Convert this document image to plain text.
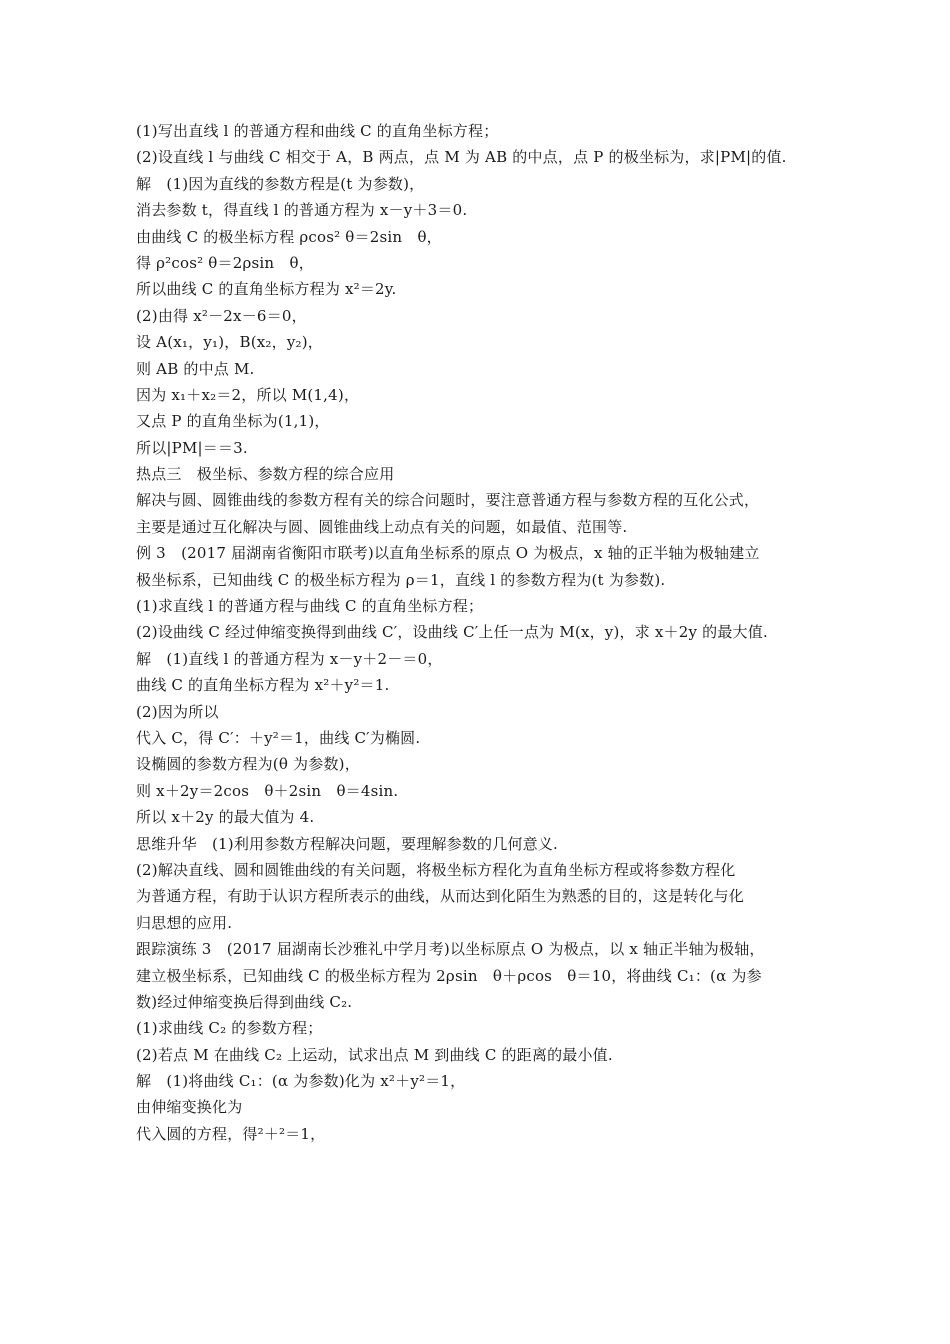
(1)写出直线 l 的普通方程和曲线 C 的直角坐标方程；
(2)设直线 l 与曲线 C 相交于 A，B 两点，点 M 为 AB 的中点，点 P 的极坐标为，求|PM|的值.
解　(1)因为直线的参数方程是(t 为参数)，
消去参数 t，得直线 l 的普通方程为 x－y＋3＝0.
由曲线 C 的极坐标方程 ρcos² θ＝2sin　θ，
得 ρ²cos² θ＝2ρsin　θ，
所以曲线 C 的直角坐标方程为 x²＝2y.
(2)由得 x²－2x－6＝0，
设 A(x₁，y₁)，B(x₂，y₂)，
则 AB 的中点 M.
因为 x₁＋x₂＝2，所以 M(1,4)，
又点 P 的直角坐标为(1,1)，
所以|PM|＝＝3.
热点三　极坐标、参数方程的综合应用
解决与圆、圆锥曲线的参数方程有关的综合问题时，要注意普通方程与参数方程的互化公式，
主要是通过互化解决与圆、圆锥曲线上动点有关的问题，如最值、范围等.
例 3　(2017 届湖南省衡阳市联考)以直角坐标系的原点 O 为极点，x 轴的正半轴为极轴建立
极坐标系，已知曲线 C 的极坐标方程为 ρ＝1，直线 l 的参数方程为(t 为参数).
(1)求直线 l 的普通方程与曲线 C 的直角坐标方程；
(2)设曲线 C 经过伸缩变换得到曲线 C′，设曲线 C′上任一点为 M(x，y)，求 x＋2y 的最大值.
解　(1)直线 l 的普通方程为 x－y＋2－＝0，
曲线 C 的直角坐标方程为 x²＋y²＝1.
(2)因为所以
代入 C，得 C′：＋y²＝1，曲线 C′为椭圆.
设椭圆的参数方程为(θ 为参数)，
则 x＋2y＝2cos　θ＋2sin　θ＝4sin.
所以 x＋2y 的最大值为 4.
思维升华　(1)利用参数方程解决问题，要理解参数的几何意义.
(2)解决直线、圆和圆锥曲线的有关问题，将极坐标方程化为直角坐标方程或将参数方程化
为普通方程，有助于认识方程所表示的曲线，从而达到化陌生为熟悉的目的，这是转化与化
归思想的应用.
跟踪演练 3　(2017 届湖南长沙雅礼中学月考)以坐标原点 O 为极点，以 x 轴正半轴为极轴，
建立极坐标系，已知曲线 C 的极坐标方程为 2ρsin　θ＋ρcos　θ＝10，将曲线 C₁：(α 为参
数)经过伸缩变换后得到曲线 C₂.
(1)求曲线 C₂ 的参数方程；
(2)若点 M 在曲线 C₂ 上运动，试求出点 M 到曲线 C 的距离的最小值.
解　(1)将曲线 C₁：(α 为参数)化为 x²＋y²＝1，
由伸缩变换化为
代入圆的方程，得²＋²＝1，
